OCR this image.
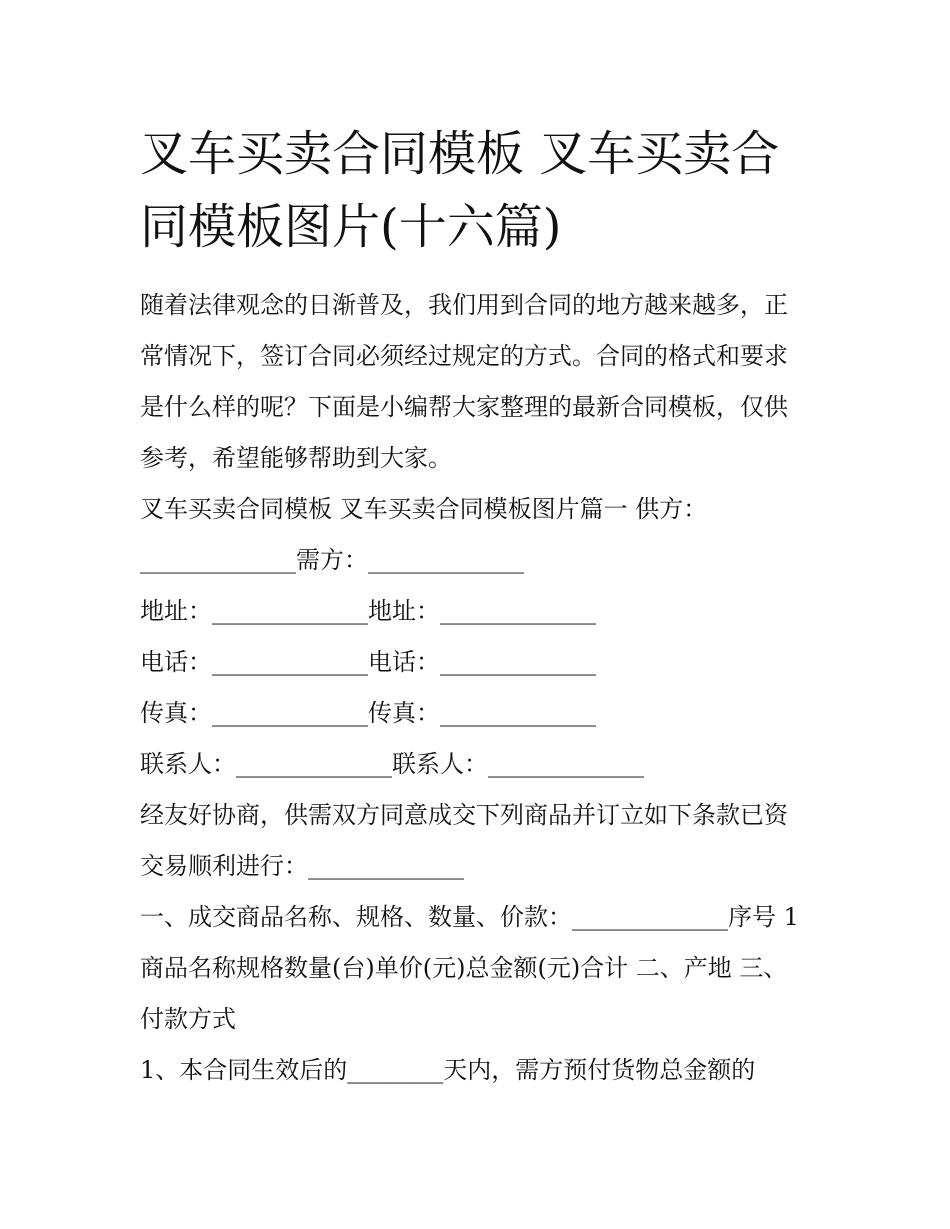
叉车买卖合同模板 叉车买卖合
同模板图片(十六篇)
随着法律观念的日渐普及，我们用到合同的地方越来越多，正
常情况下，签订合同必须经过规定的方式。合同的格式和要求
是什么样的呢？下面是小编帮大家整理的最新合同模板，仅供
参考，希望能够帮助到大家。
叉车买卖合同模板 叉车买卖合同模板图片篇一 供方：
_____________需方：_____________
地址：_____________地址：_____________
电话：_____________电话：_____________
传真：_____________传真：_____________
联系人：_____________联系人：_____________
经友好协商，供需双方同意成交下列商品并订立如下条款已资
交易顺利进行：_____________
一、成交商品名称、规格、数量、价款：_____________序号 1
商品名称规格数量(台)单价(元)总金额(元)合计 二、产地 三、
付款方式
1、本合同生效后的________天内，需方预付货物总金额的
